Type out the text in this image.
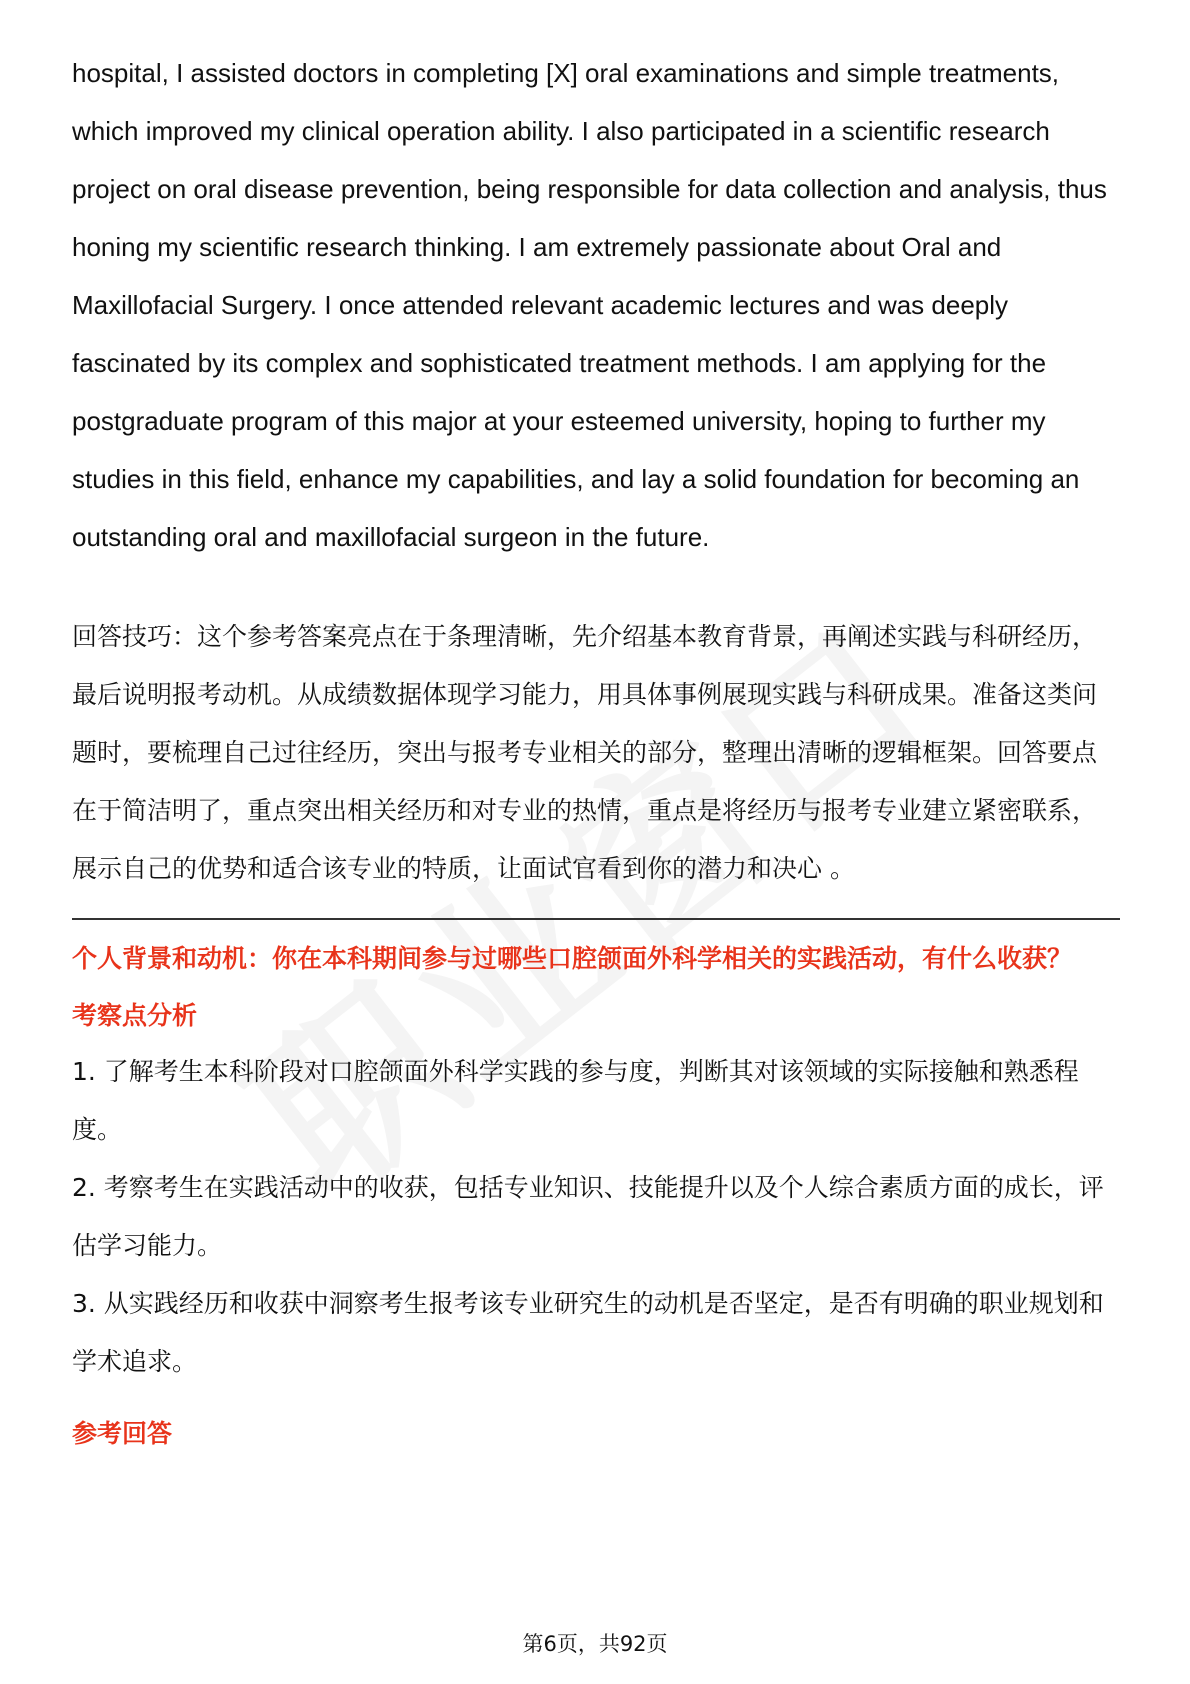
hospital, I assisted doctors in completing [X] oral examinations and simple treatments, which improved my clinical operation ability. I also participated in a scientific research project on oral disease prevention, being responsible for data collection and analysis, thus honing my scientific research thinking. I am extremely passionate about Oral and Maxillofacial Surgery. I once attended relevant academic lectures and was deeply fascinated by its complex and sophisticated treatment methods. I am applying for the postgraduate program of this major at your esteemed university, hoping to further my studies in this field, enhance my capabilities, and lay a solid foundation for becoming an outstanding oral and maxillofacial surgeon in the future.

回答技巧：这个参考答案亮点在于条理清晰，先介绍基本教育背景，再阐述实践与科研经历，最后说明报考动机。从成绩数据体现学习能力，用具体事例展现实践与科研成果。准备这类问题时，要梳理自己过往经历，突出与报考专业相关的部分，整理出清晰的逻辑框架。回答要点在于简洁明了，重点突出相关经历和对专业的热情，重点是将经历与报考专业建立紧密联系，展示自己的优势和适合该专业的特质，让面试官看到你的潜力和决心 。

个人背景和动机：你在本科期间参与过哪些口腔颌面外科学相关的实践活动，有什么收获？
考察点分析
1. 了解考生本科阶段对口腔颌面外科学实践的参与度，判断其对该领域的实际接触和熟悉程度。
2. 考察考生在实践活动中的收获，包括专业知识、技能提升以及个人综合素质方面的成长，评估学习能力。
3. 从实践经历和收获中洞察考生报考该专业研究生的动机是否坚定，是否有明确的职业规划和学术追求。
参考回答
第6页，共92页
